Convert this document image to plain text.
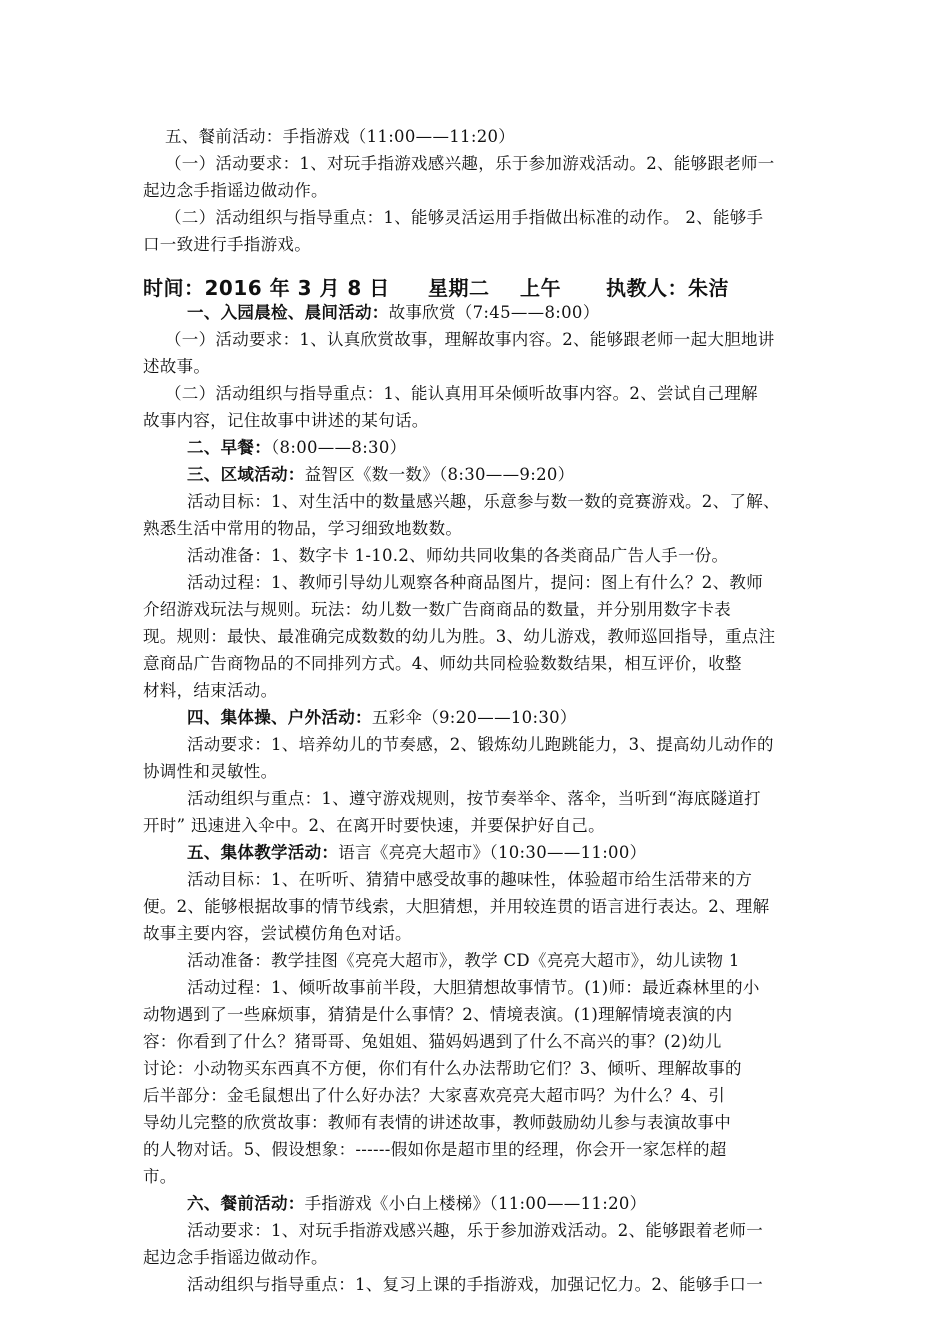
五、餐前活动：手指游戏（11:00——11:20）
（一）活动要求：1、对玩手指游戏感兴趣，乐于参加游戏活动。2、能够跟老师一
起边念手指谣边做动作。
（二）活动组织与指导重点：1、能够灵活运用手指做出标准的动作。 2、能够手
口一致进行手指游戏。
时间：2016 年 3 月 8 日 星期二 上午 执教人：朱洁
一、入园晨检、晨间活动：故事欣赏（7:45——8:00）
（一）活动要求：1、认真欣赏故事，理解故事内容。2、能够跟老师一起大胆地讲
述故事。
（二）活动组织与指导重点：1、能认真用耳朵倾听故事内容。2、尝试自己理解
故事内容，记住故事中讲述的某句话。
二、早餐：（8:00——8:30）
三、区域活动：益智区《数一数》（8:30——9:20）
活动目标：1、对生活中的数量感兴趣，乐意参与数一数的竞赛游戏。2、了解、
熟悉生活中常用的物品，学习细致地数数。
活动准备：1、数字卡 1-10.2、师幼共同收集的各类商品广告人手一份。
活动过程：1、教师引导幼儿观察各种商品图片，提问：图上有什么？2、教师
介绍游戏玩法与规则。玩法：幼儿数一数广告商商品的数量，并分别用数字卡表
现。规则：最快、最准确完成数数的幼儿为胜。3、幼儿游戏，教师巡回指导，重点注
意商品广告商物品的不同排列方式。4、师幼共同检验数数结果，相互评价，收整
材料，结束活动。
四、集体操、户外活动：五彩伞（9:20——10:30）
活动要求：1、培养幼儿的节奏感，2、锻炼幼儿跑跳能力，3、提高幼儿动作的
协调性和灵敏性。
活动组织与重点：1、遵守游戏规则，按节奏举伞、落伞，当听到“海底隧道打
开时” 迅速进入伞中。2、在离开时要快速，并要保护好自己。
五、集体教学活动：语言《亮亮大超市》（10:30——11:00）
活动目标：1、在听听、猜猜中感受故事的趣味性，体验超市给生活带来的方
便。2、能够根据故事的情节线索，大胆猜想，并用较连贯的语言进行表达。2、理解
故事主要内容，尝试模仿角色对话。
活动准备：教学挂图《亮亮大超市》，教学 CD《亮亮大超市》，幼儿读物 1
活动过程：1、倾听故事前半段，大胆猜想故事情节。(1)师：最近森林里的小
动物遇到了一些麻烦事，猜猜是什么事情？2、情境表演。(1)理解情境表演的内
容：你看到了什么？猪哥哥、兔姐姐、猫妈妈遇到了什么不高兴的事？(2)幼儿
讨论：小动物买东西真不方便，你们有什么办法帮助它们？3、倾听、理解故事的
后半部分：金毛鼠想出了什么好办法？大家喜欢亮亮大超市吗？为什么？4、引
导幼儿完整的欣赏故事：教师有表情的讲述故事，教师鼓励幼儿参与表演故事中
的人物对话。5、假设想象：------假如你是超市里的经理，你会开一家怎样的超
市。
六、餐前活动：手指游戏《小白上楼梯》（11:00——11:20）
活动要求：1、对玩手指游戏感兴趣，乐于参加游戏活动。2、能够跟着老师一
起边念手指谣边做动作。
活动组织与指导重点：1、复习上课的手指游戏，加强记忆力。2、能够手口一
